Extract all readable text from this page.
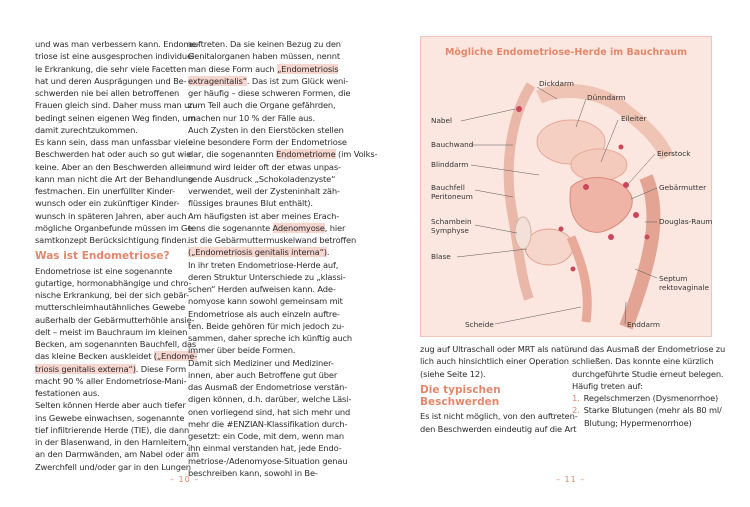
und was man verbessern kann. Endome-

triose ist eine ausgesprochen individuel-

le Erkrankung, die sehr viele Facetten

hat und deren Ausprägungen und Be-

schwerden nie bei allen betroffenen

Frauen gleich sind. Daher muss man un-

bedingt seinen eigenen Weg finden, um

damit zurechtzukommen.

Es kann sein, dass man unfassbar viele

Beschwerden hat oder auch so gut wie

keine. Aber an den Beschwerden allein

kann man nicht die Art der Behandlung

festmachen. Ein unerfüllter Kinder-

wunsch oder ein zukünftiger Kinder-

wunsch in späteren Jahren, aber auch

mögliche Organbefunde müssen im Ge-

samtkonzept Berücksichtigung finden.

Was ist Endometriose?

Endometriose ist eine sogenannte

gutartige, hormonabhängige und chro-

nische Erkrankung, bei der sich gebär-

mutterschleimhautähnliches Gewebe

außerhalb der Gebärmutterhöhle ansie-

delt – meist im Bauchraum im kleinen

Becken, am sogenannten Bauchfell, das

das kleine Becken auskleidet („Endome-

triosis genitalis externa“). Diese Form

macht 90 % aller Endometriose-Mani-

festationen aus.

Selten können Herde aber auch tiefer

ins Gewebe einwachsen, sogenannte

tief infiltrierende Herde (TIE), die dann

in der Blasenwand, in den Harnleitern,

an den Darmwänden, am Nabel oder am

Zwerchfell und/oder gar in den Lungen

auftreten. Da sie keinen Bezug zu den

Genitalorganen haben müssen, nennt

man diese Form auch „Endometriosis

extragenitalis“. Das ist zum Glück weni-

ger häufig – diese schweren Formen, die

zum Teil auch die Organe gefährden,

machen nur 10 % der Fälle aus.

Auch Zysten in den Eierstöcken stellen

eine besondere Form der Endometriose

dar, die sogenannten Endometriome (im Volks-

mund wird leider oft der etwas unpas-

sende Ausdruck „Schokoladenzyste“

verwendet, weil der Zysteninhalt zäh-

flüssiges braunes Blut enthält).

Am häufigsten ist aber meines Erach-

tens die sogenannte Adenomyose, hier

ist die Gebärmuttermuskelwand betroffen

(„Endometriosis genitalis interna“).

In ihr treten Endometriose-Herde auf,

deren Struktur Unterschiede zu „klassi-

schen“ Herden aufweisen kann. Ade-

nomyose kann sowohl gemeinsam mit

Endometriose als auch einzeln auftre-

ten. Beide gehören für mich jedoch zu-

sammen, daher spreche ich künftig auch

immer über beide Formen.

Damit sich Mediziner und Mediziner-

innen, aber auch Betroffene gut über

das Ausmaß der Endometriose verstän-

digen können, d.h. darüber, welche Läsi-

onen vorliegend sind, hat sich mehr und

mehr die #ENZIAN-Klassifikation durch-

gesetzt: ein Code, mit dem, wenn man

ihn einmal verstanden hat, jede Endo-

metriose-/Adenomyose-Situation genau

beschreiben kann, sowohl in Be-

– 10 –
Mögliche Endometriose-Herde im Bauchraum
Dickdarm
Dünndarm
Nabel	Eileiter
Bauchwand
Eierstock
Blinddarm
Bauchfell
Peritoneum
Gebärmutter
Schambein
Symphyse
Douglas-Raum
Blase
Septum
rektovaginale
Scheide	Enddarm

zug auf Ultraschall oder MRT als natür-

lich auch hinsichtlich einer Operation

(siehe Seite 12).

Die typischen Beschwerden

Es ist nicht möglich, von den auftreten-

den Beschwerden eindeutig auf die Art

und das Ausmaß der Endometriose zu

schließen. Das konnte eine kürzlich

durchgeführte Studie erneut belegen.

Häufig treten auf:

1. Regelschmerzen (Dysmenorrhoe)
2. Starke Blutungen (mehr als 80 ml/
Blutung; Hypermenorrhoe)
– 11 –
